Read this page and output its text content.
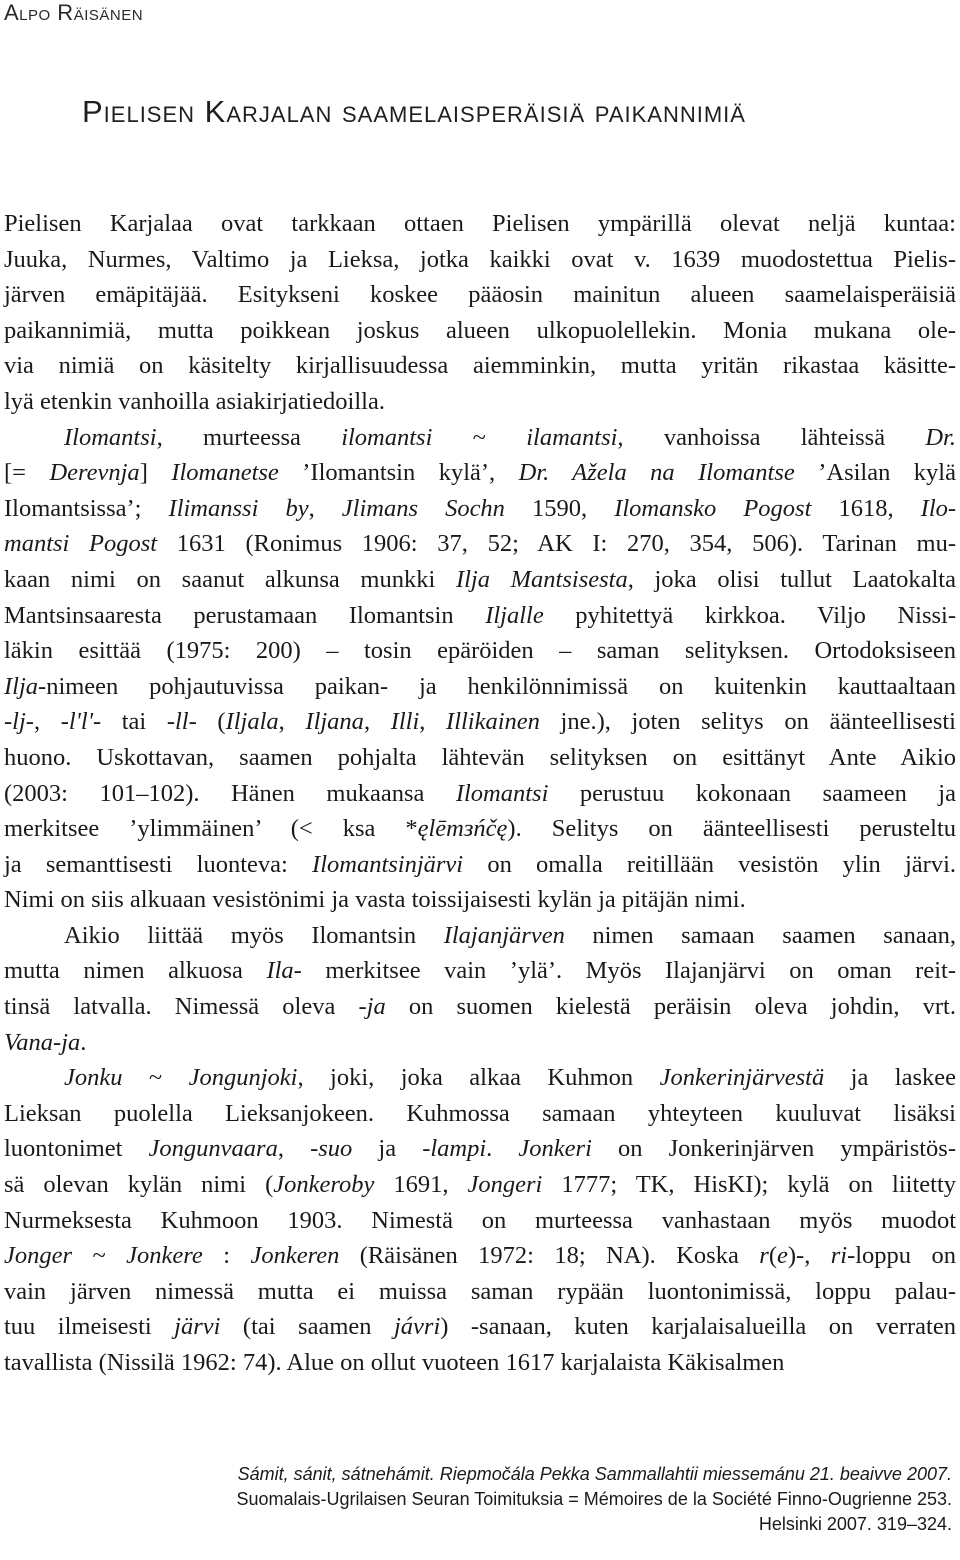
Alpo Räisänen
Pielisen Karjalan saamelaisperäisiä paikannimiä
Pielisen Karjalaa ovat tarkkaan ottaen Pielisen ympärillä olevat neljä kuntaa:
Juuka, Nurmes, Valtimo ja Lieksa, jotka kaikki ovat v. 1639 muodostettua Pielis-
järven emäpitäjää. Esitykseni koskee pääosin mainitun alueen saamelaisperäisiä
paikannimiä, mutta poikkean joskus alueen ulkopuolellekin. Monia mukana ole-
via nimiä on käsitelty kirjallisuudessa aiemminkin, mutta yritän rikastaa käsitte-
lyä etenkin vanhoilla asiakirjatiedoilla.
Ilomantsi, murteessa ilomantsi ~ ilamantsi, vanhoissa lähteissä Dr.
[= Derevnja] Ilomanetse ’Ilomantsin kylä’, Dr. Ažela na Ilomantse ’Asilan kylä
Ilomantsissa’; Ilimanssi by, Jlimans Sochn 1590, Ilomansko Pogost 1618, Ilo-
mantsi Pogost 1631 (Ronimus 1906: 37, 52; AK I: 270, 354, 506). Tarinan mu-
kaan nimi on saanut alkunsa munkki Ilja Mantsisesta, joka olisi tullut Laatokalta
Mantsinsaaresta perustamaan Ilomantsin Iljalle pyhitettyä kirkkoa. Viljo Nissi-
läkin esittää (1975: 200) – tosin epäröiden – saman selityksen. Ortodoksiseen
Ilja-nimeen pohjautuvissa paikan- ja henkilönnimissä on kuitenkin kauttaaltaan
-lj-, -l'l'- tai -ll- (Iljala, Iljana, Illi, Illikainen jne.), joten selitys on äänteellisesti
huono. Uskottavan, saamen pohjalta lähtevän selityksen on esittänyt Ante Aikio
(2003: 101–102). Hänen mukaansa Ilomantsi perustuu kokonaan saameen ja
merkitsee ’ylimmäinen’ (< ksa *ęlēmзńčę). Selitys on äänteellisesti perusteltu
ja semanttisesti luonteva: Ilomantsinjärvi on omalla reitillään vesistön ylin järvi.
Nimi on siis alkuaan vesistönimi ja vasta toissijaisesti kylän ja pitäjän nimi.
Aikio liittää myös Ilomantsin Ilajanjärven nimen samaan saamen sanaan,
mutta nimen alkuosa Ila- merkitsee vain ’ylä’. Myös Ilajanjärvi on oman reit-
tinsä latvalla. Nimessä oleva -ja on suomen kielestä peräisin oleva johdin, vrt.
Vana-ja.
Jonku ~ Jongunjoki, joki, joka alkaa Kuhmon Jonkerinjärvestä ja laskee
Lieksan puolella Lieksanjokeen. Kuhmossa samaan yhteyteen kuuluvat lisäksi
luontonimet Jongunvaara, -suo ja -lampi. Jonkeri on Jonkerinjärven ympäristös-
sä olevan kylän nimi (Jonkeroby 1691, Jongeri 1777; TK, HisKI); kylä on liitetty
Nurmeksesta Kuhmoon 1903. Nimestä on murteessa vanhastaan myös muodot
Jonger ~ Jonkere : Jonkeren (Räisänen 1972: 18; NA). Koska r(e)-, ri-loppu on
vain järven nimessä mutta ei muissa saman rypään luontonimissä, loppu palau-
tuu ilmeisesti järvi (tai saamen jávri) -sanaan, kuten karjalaisalueilla on verraten
tavallista (Nissilä 1962: 74). Alue on ollut vuoteen 1617 karjalaista Käkisalmen
Sámit, sánit, sátnehámit. Riepmočála Pekka Sammallahtii miessemánu 21. beaivve 2007.
Suomalais-Ugrilaisen Seuran Toimituksia = Mémoires de la Société Finno-Ougrienne 253.
Helsinki 2007. 319–324.
